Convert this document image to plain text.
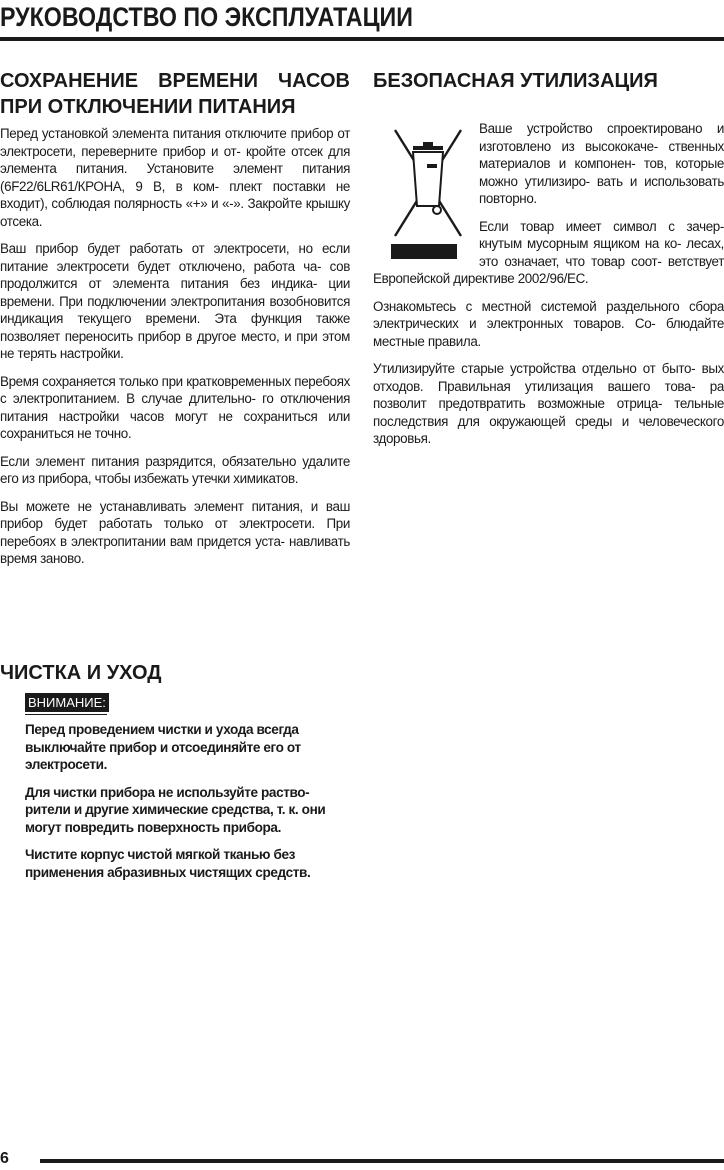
РУКОВОДСТВО ПО ЭКСПЛУАТАЦИИ
СОХРАНЕНИЕ ВРЕМЕНИ ЧАСОВ
ПРИ ОТКЛЮЧЕНИИ ПИТАНИЯ

Перед установкой элемента питания отключите прибор от электросети, переверните прибор и от- кройте отсек для элемента питания. Установите элемент питания (6F22/6LR61/КРОНА, 9 В, в ком- плект поставки не входит), соблюдая полярность «+» и «-». Закройте крышку отсека.

Ваш прибор будет работать от электросети, но если питание электросети будет отключено, работа ча- сов продолжится от элемента питания без индика- ции времени. При подключении электропитания возобновится индикация текущего времени. Эта функция также позволяет переносить прибор в другое место, и при этом не терять настройки.

Время сохраняется только при кратковременных перебоях с электропитанием. В случае длительно- го отключения питания настройки часов могут не сохраниться или сохраниться не точно.

Если элемент питания разрядится, обязательно удалите его из прибора, чтобы избежать утечки химикатов.

Вы можете не устанавливать элемент питания, и ваш прибор будет работать только от электросети. При перебоях в электропитании вам придется уста- навливать время заново.

ЧИСТКА И УХОД
ВНИМАНИЕ:

Перед проведением чистки и ухода всегда выключайте прибор и отсоединяйте его от электросети.

Для чистки прибора не используйте раство- рители и другие химические средства, т. к. они могут повредить поверхность прибора.

Чистите корпус чистой мягкой тканью без применения абразивных чистящих средств.

БЕЗОПАСНАЯ УТИЛИЗАЦИЯ

Ваше устройство спроектировано и изготовлено из высококаче- ственных материалов и компонен- тов, которые можно утилизиро- вать и использовать повторно.

Если товар имеет символ с зачер- кнутым мусорным ящиком на ко- лесах, это означает, что товар соот- ветствует Европейской директиве 2002/96/ЕС.

Ознакомьтесь с местной системой раздельного сбора электрических и электронных товаров. Со- блюдайте местные правила.

Утилизируйте старые устройства отдельно от быто- вых отходов. Правильная утилизация вашего това- ра позволит предотвратить возможные отрица- тельные последствия для окружающей среды и человеческого здоровья.

6
